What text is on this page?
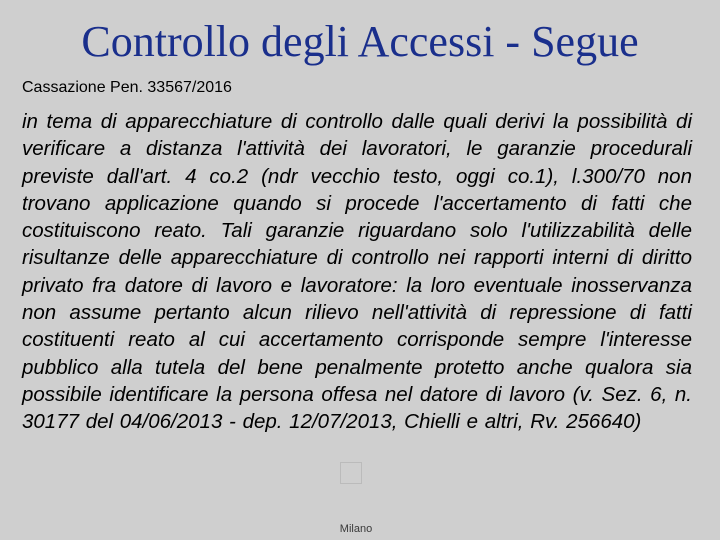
Controllo degli Accessi - Segue
Cassazione Pen. 33567/2016

in tema di apparecchiature di controllo dalle quali derivi la possibilità di verificare a distanza l'attività dei lavoratori, le garanzie procedurali previste dall'art. 4 co.2 (ndr vecchio testo, oggi co.1), l.300/70 non trovano applicazione quando si procede l'accertamento di fatti che costituiscono reato. Tali garanzie riguardano solo l'utilizzabilità delle risultanze delle apparecchiature di controllo nei rapporti interni di diritto privato fra datore di lavoro e lavoratore: la loro eventuale inosservanza non assume pertanto alcun rilievo nell'attività di repressione di fatti costituenti reato al cui accertamento corrisponde sempre l'interesse pubblico alla tutela del bene penalmente protetto anche qualora sia possibile identificare la persona offesa nel datore di lavoro (v. Sez. 6, n. 30177 del 04/06/2013 - dep. 12/07/2013, Chielli e altri, Rv. 256640)

Milano
